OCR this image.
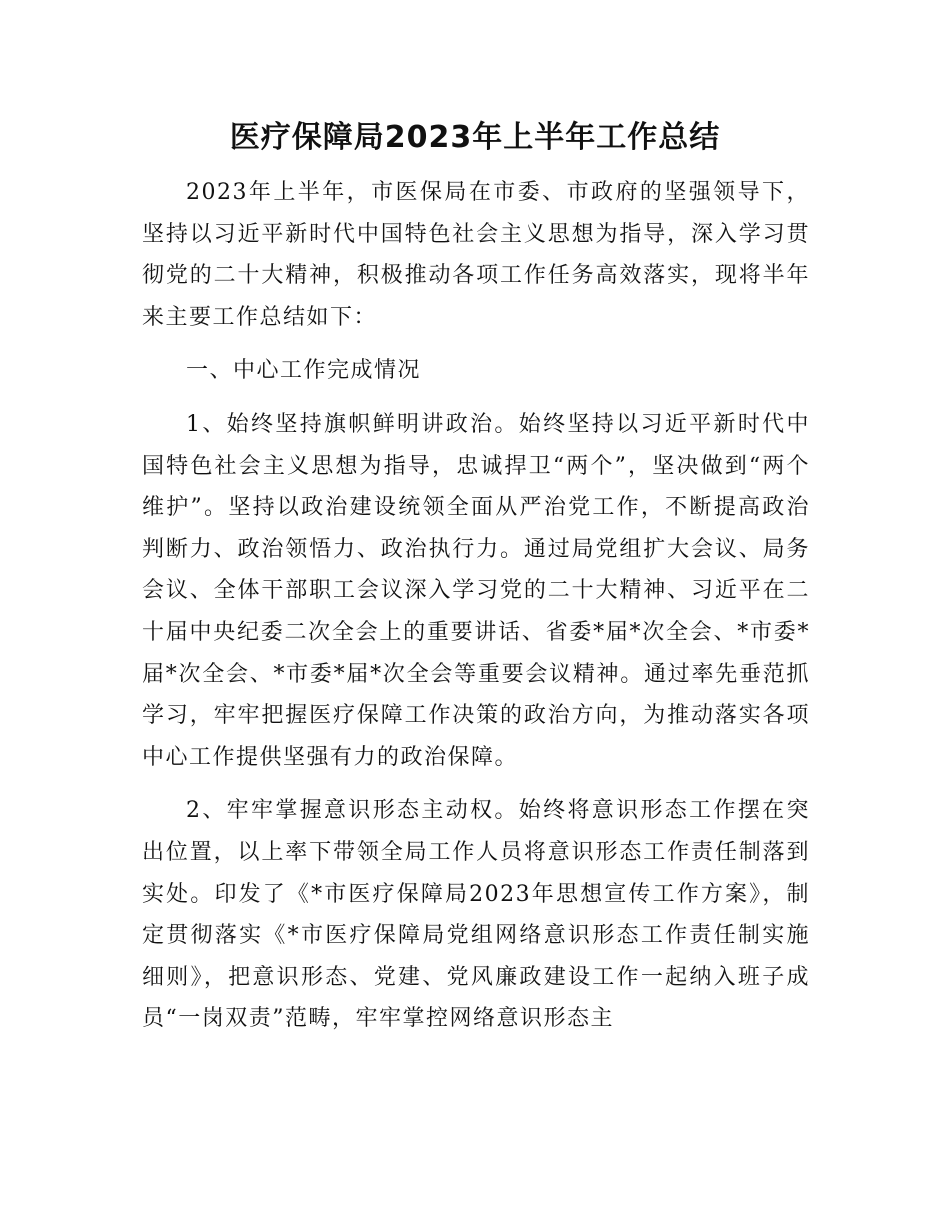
医疗保障局2023年上半年工作总结

2023年上半年，市医保局在市委、市政府的坚强领导下，坚持以习近平新时代中国特色社会主义思想为指导，深入学习贯彻党的二十大精神，积极推动各项工作任务高效落实，现将半年来主要工作总结如下：

一、中心工作完成情况

1、始终坚持旗帜鲜明讲政治。始终坚持以习近平新时代中国特色社会主义思想为指导，忠诚捍卫“两个”，坚决做到“两个维护”。坚持以政治建设统领全面从严治党工作，不断提高政治判断力、政治领悟力、政治执行力。通过局党组扩大会议、局务会议、全体干部职工会议深入学习党的二十大精神、习近平在二十届中央纪委二次全会上的重要讲话、省委*届*次全会、*市委*届*次全会、*市委*届*次全会等重要会议精神。通过率先垂范抓学习，牢牢把握医疗保障工作决策的政治方向，为推动落实各项中心工作提供坚强有力的政治保障。

2、牢牢掌握意识形态主动权。始终将意识形态工作摆在突出位置，以上率下带领全局工作人员将意识形态工作责任制落到实处。印发了《*市医疗保障局2023年思想宣传工作方案》，制定贯彻落实《*市医疗保障局党组网络意识形态工作责任制实施细则》，把意识形态、党建、党风廉政建设工作一起纳入班子成员“一岗双责”范畴，牢牢掌控网络意识形态主
